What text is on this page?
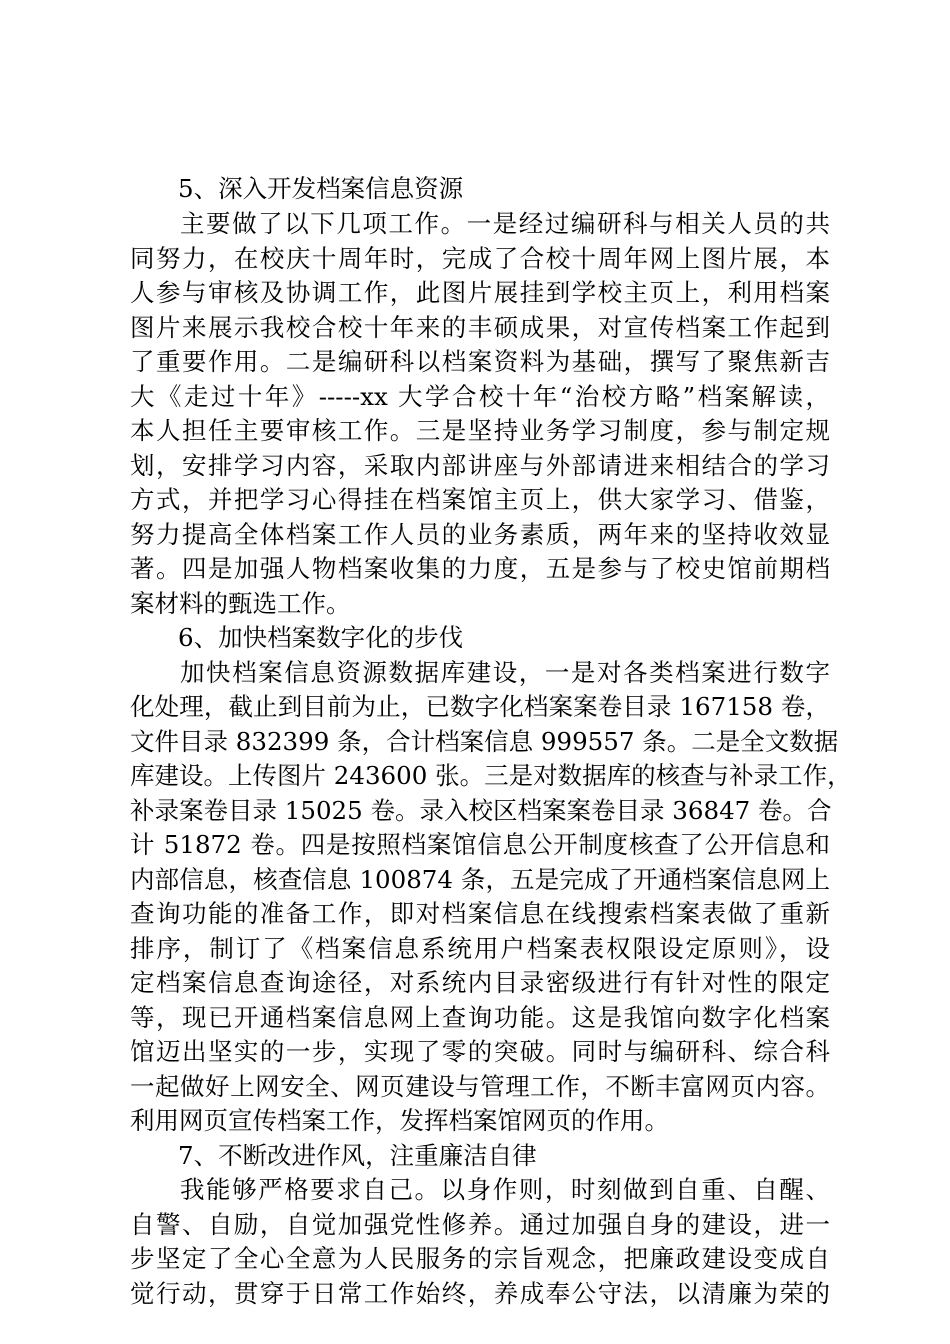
5、深入开发档案信息资源
主要做了以下几项工作。一是经过编研科与相关人员的共
同努力，在校庆十周年时，完成了合校十周年网上图片展，本
人参与审核及协调工作，此图片展挂到学校主页上，利用档案
图片来展示我校合校十年来的丰硕成果，对宣传档案工作起到
了重要作用。二是编研科以档案资料为基础，撰写了聚焦新吉
大《走过十年》-----xx 大学合校十年“治校方略”档案解读，
本人担任主要审核工作。三是坚持业务学习制度，参与制定规
划，安排学习内容，采取内部讲座与外部请进来相结合的学习
方式，并把学习心得挂在档案馆主页上，供大家学习、借鉴，
努力提高全体档案工作人员的业务素质，两年来的坚持收效显
著。四是加强人物档案收集的力度，五是参与了校史馆前期档
案材料的甄选工作。
6、加快档案数字化的步伐
加快档案信息资源数据库建设，一是对各类档案进行数字
化处理，截止到目前为止，已数字化档案案卷目录 167158 卷，
文件目录 832399 条，合计档案信息 999557 条。二是全文数据
库建设。上传图片 243600 张。三是对数据库的核查与补录工作，
补录案卷目录 15025 卷。录入校区档案案卷目录 36847 卷。合
计 51872 卷。四是按照档案馆信息公开制度核查了公开信息和
内部信息，核查信息 100874 条，五是完成了开通档案信息网上
查询功能的准备工作，即对档案信息在线搜索档案表做了重新
排序，制订了《档案信息系统用户档案表权限设定原则》，设
定档案信息查询途径，对系统内目录密级进行有针对性的限定
等，现已开通档案信息网上查询功能。这是我馆向数字化档案
馆迈出坚实的一步，实现了零的突破。同时与编研科、综合科
一起做好上网安全、网页建设与管理工作，不断丰富网页内容。
利用网页宣传档案工作，发挥档案馆网页的作用。
7、不断改进作风，注重廉洁自律
我能够严格要求自己。以身作则，时刻做到自重、自醒、
自警、自励，自觉加强党性修养。通过加强自身的建设，进一
步坚定了全心全意为人民服务的宗旨观念，把廉政建设变成自
觉行动，贯穿于日常工作始终，养成奉公守法，以清廉为荣的
